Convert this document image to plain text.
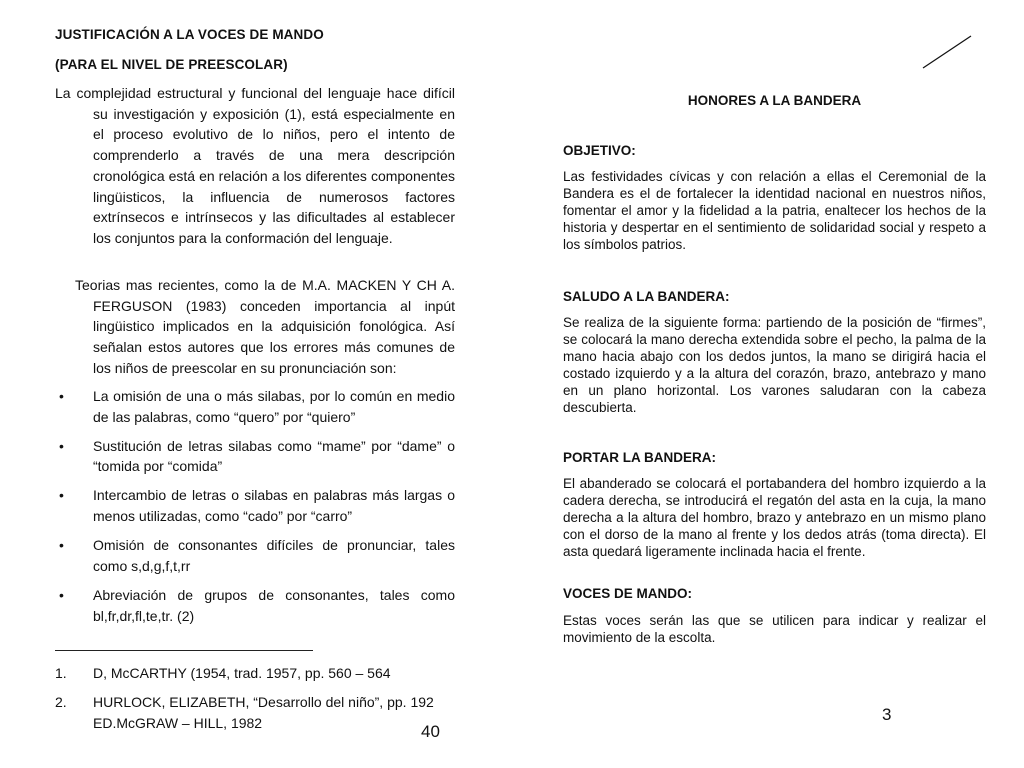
JUSTIFICACIÓN A LA VOCES DE MANDO
(PARA EL NIVEL DE PREESCOLAR)

La complejidad estructural y funcional del lenguaje hace difícil su investigación y exposición (1), está especialmente en el proceso evolutivo de lo niños, pero el intento de comprenderlo a través de una mera descripción cronológica está en relación a los diferentes componentes lingüisticos, la influencia de numerosos factores extrínsecos e intrínsecos y las dificultades al establecer los conjuntos para la conformación del lenguaje.

Teorias mas recientes, como la de M.A. MACKEN Y CH A. FERGUSON (1983) conceden importancia al inpút lingüistico implicados en la adquisición fonológica. Así señalan estos autores que los errores más comunes de los niños de preescolar en su pronunciación son:

• La omisión de una o más silabas, por lo común en medio de las palabras, como “quero” por “quiero”
• Sustitución de letras silabas como “mame” por “dame” o “tomida por “comida”
• Intercambio de letras o silabas en palabras más largas o menos utilizadas, como “cado” por “carro”
• Omisión de consonantes difíciles de pronunciar, tales como s,d,g,f,t,rr
• Abreviación de grupos de consonantes, tales como bl,fr,dr,fl,te,tr. (2)
1. D, McCARTHY (1954, trad. 1957, pp. 560 – 564
2. HURLOCK, ELIZABETH, “Desarrollo del niño”, pp. 192 ED.McGRAW – HILL, 1982	40
HONORES A LA BANDERA
OBJETIVO:

Las festividades cívicas y con relación a ellas el Ceremonial de la Bandera es el de fortalecer la identidad nacional en nuestros niños, fomentar el amor y la fidelidad a la patria, enaltecer los hechos de la historia y despertar en el sentimiento de solidaridad social y respeto a los símbolos patrios.

SALUDO A LA BANDERA:

Se realiza de la siguiente forma: partiendo de la posición de “firmes”, se colocará la mano derecha extendida sobre el pecho, la palma de la mano hacia abajo con los dedos juntos, la mano se dirigirá hacia el costado izquierdo y a la altura del corazón, brazo, antebrazo y mano en un plano horizontal. Los varones saludaran con la cabeza descubierta.

PORTAR LA BANDERA:

El abanderado se colocará el portabandera del hombro izquierdo a la cadera derecha, se introducirá el regatón del asta en la cuja, la mano derecha a la altura del hombro, brazo y antebrazo en un mismo plano con el dorso de la mano al frente y los dedos atrás (toma directa). El asta quedará ligeramente inclinada hacia el frente.

VOCES DE MANDO:

Estas voces serán las que se utilicen para indicar y realizar el movimiento de la escolta.

3
